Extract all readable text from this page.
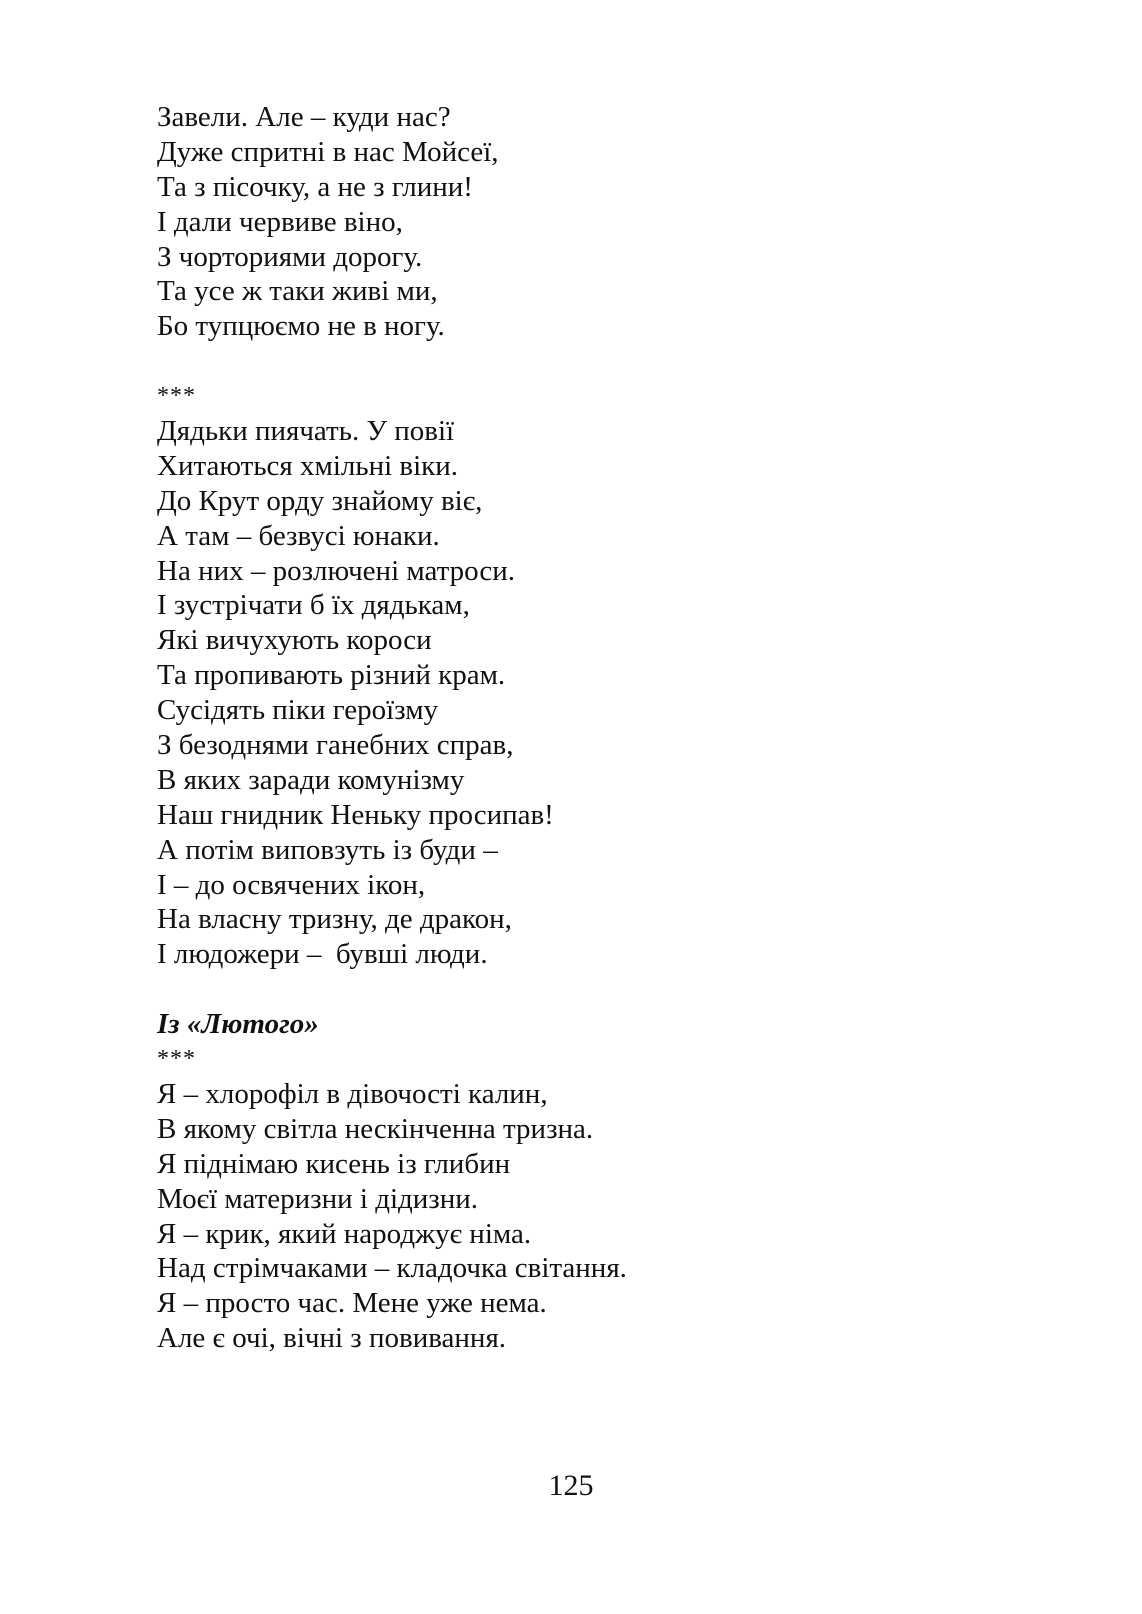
Завели. Але – куди нас?
Дуже спритні в нас Мойсеї,
Та з пісочку, а не з глини!
І дали червиве віно,
З чорториями дорогу.
Та усе ж таки живі ми,
Бо тупцюємо не в ногу.
***
Дядьки пиячать. У повії
Хитаються хмільні віки.
До Крут орду знайому віє,
А там – безвусі юнаки.
На них – розлючені матроси.
І зустрічати б їх дядькам,
Які вичухують короси
Та пропивають різний крам.
Сусідять піки героїзму
З безоднями ганебних справ,
В яких заради комунізму
Наш гнидник Неньку просипав!
А потім виповзуть із буди –
І – до освячених ікон,
На власну тризну, де дракон,
І людожери –  бувші люди.
Із «Лютого»
***
Я – хлорофіл в дівочості калин,
В якому світла нескінченна тризна.
Я піднімаю кисень із глибин
Моєї материзни і дідизни.
Я – крик, який народжує німа.
Над стрімчаками – кладочка світання.
Я – просто час. Мене уже нема.
Але є очі, вічні з повивання.
125
